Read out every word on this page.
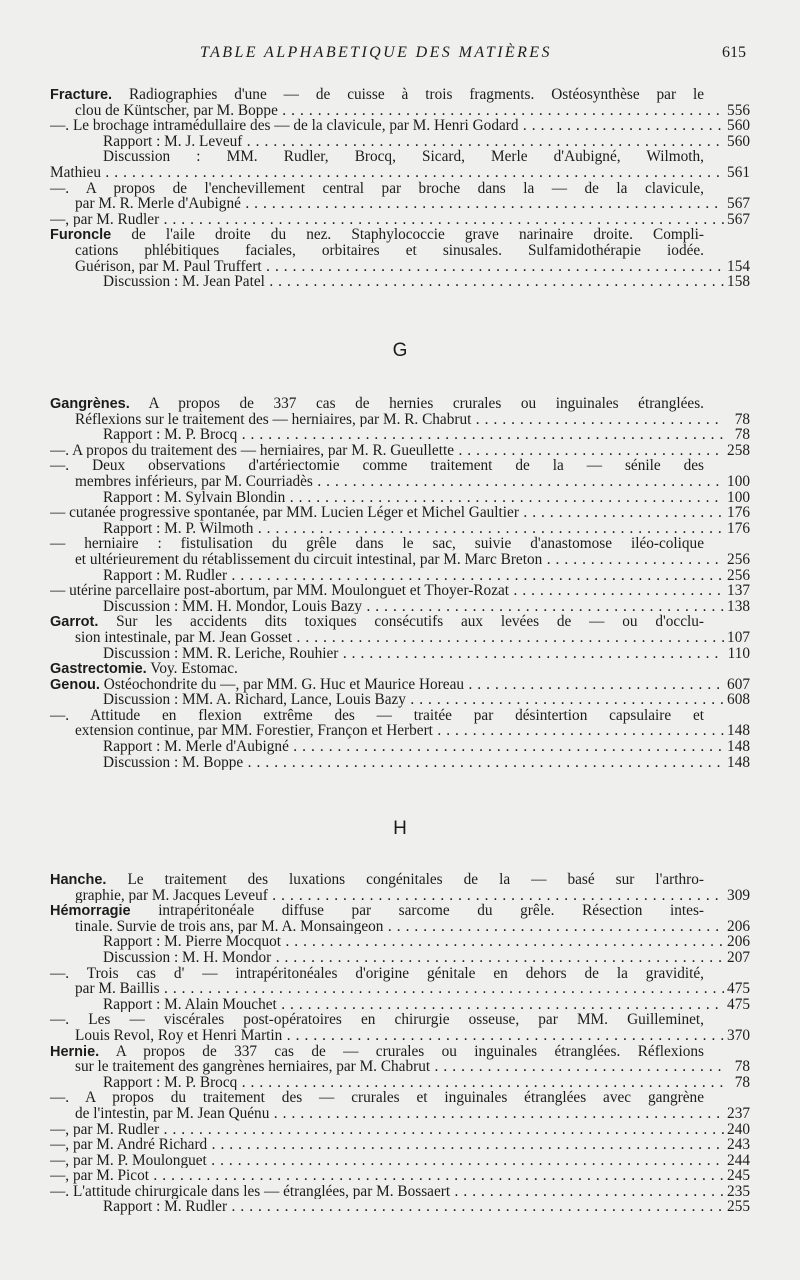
TABLE ALPHABETIQUE DES MATIÈRES	615
Fracture. Radiographies d'une — de cuisse à trois fragments. Ostéosynthèse par le
clou de Küntscher, par M. Boppe . . .	556
—. Le brochage intramédullaire des — de la clavicule, par M. Henri Godard . . .	560
Rapport : M. J. Leveuf . . .	560
Discussion : MM. Rudler, Brocq, Sicard, Merle d'Aubigné, Wilmoth,
Mathieu . . .	561
—. A propos de l'enchevillement central par broche dans la — de la clavicule,
par M. R. Merle d'Aubigné . . .	567
—, par M. Rudler . . .	567
Furoncle de l'aile droite du nez. Staphylococcie grave narinaire droite. Compli-
cations phlébitiques faciales, orbitaires et sinusales. Sulfamidothérapie iodée.
Guérison, par M. Paul Truffert . . .	154
Discussion : M. Jean Patel . . .	158
G
Gangrènes. A propos de 337 cas de hernies crurales ou inguinales étranglées.
Réflexions sur le traitement des — herniaires, par M. R. Chabrut . . .	78
Rapport : M. P. Brocq . . .	78
—. A propos du traitement des — herniaires, par M. R. Gueullette . . .	258
—. Deux observations d'artériectomie comme traitement de la — sénile des
membres inférieurs, par M. Courriadès . . .	100
Rapport : M. Sylvain Blondin . . .	100
— cutanée progressive spontanée, par MM. Lucien Léger et Michel Gaultier . . .	176
Rapport : M. P. Wilmoth . . .	176
— herniaire : fistulisation du grêle dans le sac, suivie d'anastomose iléo-colique
et ultérieurement du rétablissement du circuit intestinal, par M. Marc Breton . . .	256
Rapport : M. Rudler . . .	256
— utérine parcellaire post-abortum, par MM. Moulonguet et Thoyer-Rozat . . .	137
Discussion : MM. H. Mondor, Louis Bazy . . .	138
Garrot. Sur les accidents dits toxiques consécutifs aux levées de — ou d'occlu-
sion intestinale, par M. Jean Gosset . . .	107
Discussion : MM. R. Leriche, Rouhier . . .	110
Gastrectomie. Voy. Estomac.
Genou. Ostéochondrite du —, par MM. G. Huc et Maurice Horeau . . .	607
Discussion : MM. A. Richard, Lance, Louis Bazy . . .	608
—. Attitude en flexion extrême des — traitée par désintertion capsulaire et
extension continue, par MM. Forestier, Françon et Herbert . . .	148
Rapport : M. Merle d'Aubigné . . .	148
Discussion : M. Boppe . . .	148
H
Hanche. Le traitement des luxations congénitales de la — basé sur l'arthro-
graphie, par M. Jacques Leveuf . . .	309
Hémorragie intrapéritonéale diffuse par sarcome du grêle. Résection intes-
tinale. Survie de trois ans, par M. A. Monsaingeon . . .	206
Rapport : M. Pierre Mocquot . . .	206
Discussion : M. H. Mondor . . .	207
—. Trois cas d' — intrapéritonéales d'origine génitale en dehors de la gravidité,
par M. Baillis . . .	475
Rapport : M. Alain Mouchet . . .	475
—. Les — viscérales post-opératoires en chirurgie osseuse, par MM. Guilleminet,
Louis Revol, Roy et Henri Martin . . .	370
Hernie. A propos de 337 cas de — crurales ou inguinales étranglées. Réflexions
sur le traitement des gangrènes herniaires, par M. Chabrut . . .	78
Rapport : M. P. Brocq . . .	78
—. A propos du traitement des — crurales et inguinales étranglées avec gangrène
de l'intestin, par M. Jean Quénu . . .	237
—, par M. Rudler . . .	240
—, par M. André Richard . . .	243
—, par M. P. Moulonguet . . .	244
—, par M. Picot . . .	245
—. L'attitude chirurgicale dans les — étranglées, par M. Bossaert . . .	235
Rapport : M. Rudler . . .	255
